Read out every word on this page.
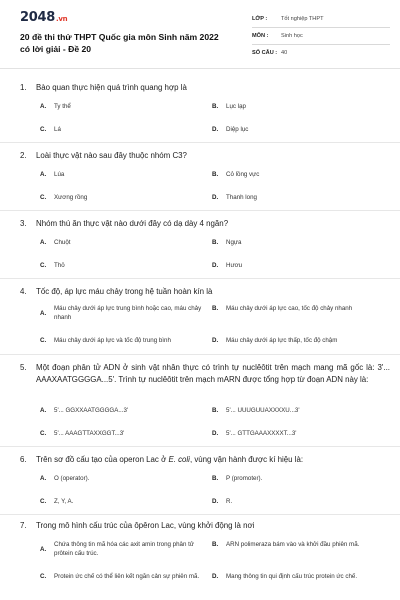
2048.vn
20 đề thi thử THPT Quốc gia môn Sinh năm 2022 có lời giải - Đề 20
LỚP :	Tốt nghiệp THPT
MÔN :	Sinh học
SỐ CÂU : 40
1.	Bào quan thực hiện quá trình quang hợp là
A.	Ty thể	B.	Lục lạp
C.	Lá	D.	Diệp lục
2.	Loài thực vật nào sau đây thuộc nhóm C3?
A.	Lúa	B.	Cỏ lồng vực
C.	Xương rồng	D.	Thanh long
3.	Nhóm thú ăn thực vật nào dưới đây có dạ dày 4 ngăn?
A.	Chuột	B.	Ngựa
C.	Thỏ	D.	Hươu
4.	Tốc độ, áp lực máu chảy trong hệ tuần hoàn kín là
A.
Máu chảy dưới áp lực trung bình hoặc cao, máu chảy nhanh
B.	Máu chảy dưới áp lực cao, tốc độ chảy nhanh
C.	Máu chảy dưới áp lực và tốc độ trung bình	D.	Máu chảy dưới áp lực thấp, tốc độ chậm
5.	Một đoạn phân tử ADN ở sinh vật nhân thực có trình tự nuclêôtit trên mạch mang mã gốc là: 3'... AAAXAATGGGGA...5'. Trình tự nuclêôtit trên mạch mARN được tổng hợp từ đoạn ADN này là:
A.	5'... GGXXAATGGGGA...3'	B.	5'... UUUGUUAXXXXU...3'
C.	5'... AAAGTTAXXGGT...3'	D.	5'... GTTGAAAXXXXT...3'
6.	Trên sơ đồ cấu tạo của operon Lac ở E. coli, vùng vận hành được kí hiệu là:
A.	O (operator).	B.	P (promoter).
C.	Z, Y, A.	D.	R.
7.	Trong mô hình cấu trúc của ôpêron Lac, vùng khởi động là nơi
A.
Chứa thông tin mã hóa các axit amin trong phân tử prôtein cấu trúc.
B.	ARN polimeraza bám vào và khởi đầu phiên mã.
C.	Protein ức chế có thể liên kết ngăn cản sự phiên mã.	D.	Mang thông tin qui định cấu trúc protein ức chế.
